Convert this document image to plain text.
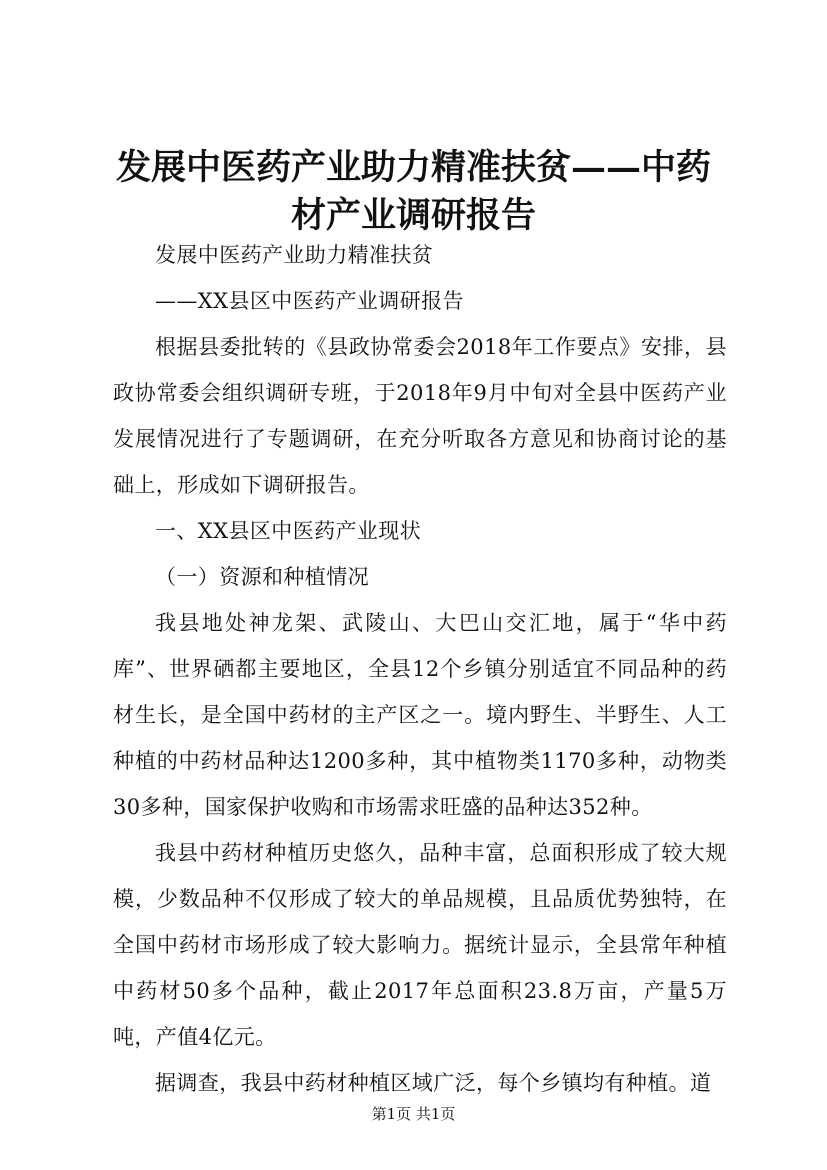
发展中医药产业助力精准扶贫——中药材产业调研报告

发展中医药产业助力精准扶贫

——XX县区中医药产业调研报告

根据县委批转的《县政协常委会2018年工作要点》安排，县政协常委会组织调研专班，于2018年9月中旬对全县中医药产业发展情况进行了专题调研，在充分听取各方意见和协商讨论的基础上，形成如下调研报告。

一、XX县区中医药产业现状

（一）资源和种植情况

我县地处神龙架、武陵山、大巴山交汇地，属于“华中药库”、世界硒都主要地区，全县12个乡镇分别适宜不同品种的药材生长，是全国中药材的主产区之一。境内野生、半野生、人工种植的中药材品种达1200多种，其中植物类1170多种，动物类30多种，国家保护收购和市场需求旺盛的品种达352种。

我县中药材种植历史悠久，品种丰富，总面积形成了较大规模，少数品种不仅形成了较大的单品规模，且品质优势独特，在全国中药材市场形成了较大影响力。据统计显示，全县常年种植中药材50多个品种，截止2017年总面积23.8万亩，产量5万吨，产值4亿元。

据调查，我县中药材种植区域广泛，每个乡镇均有种植。道

第1页 共1页
